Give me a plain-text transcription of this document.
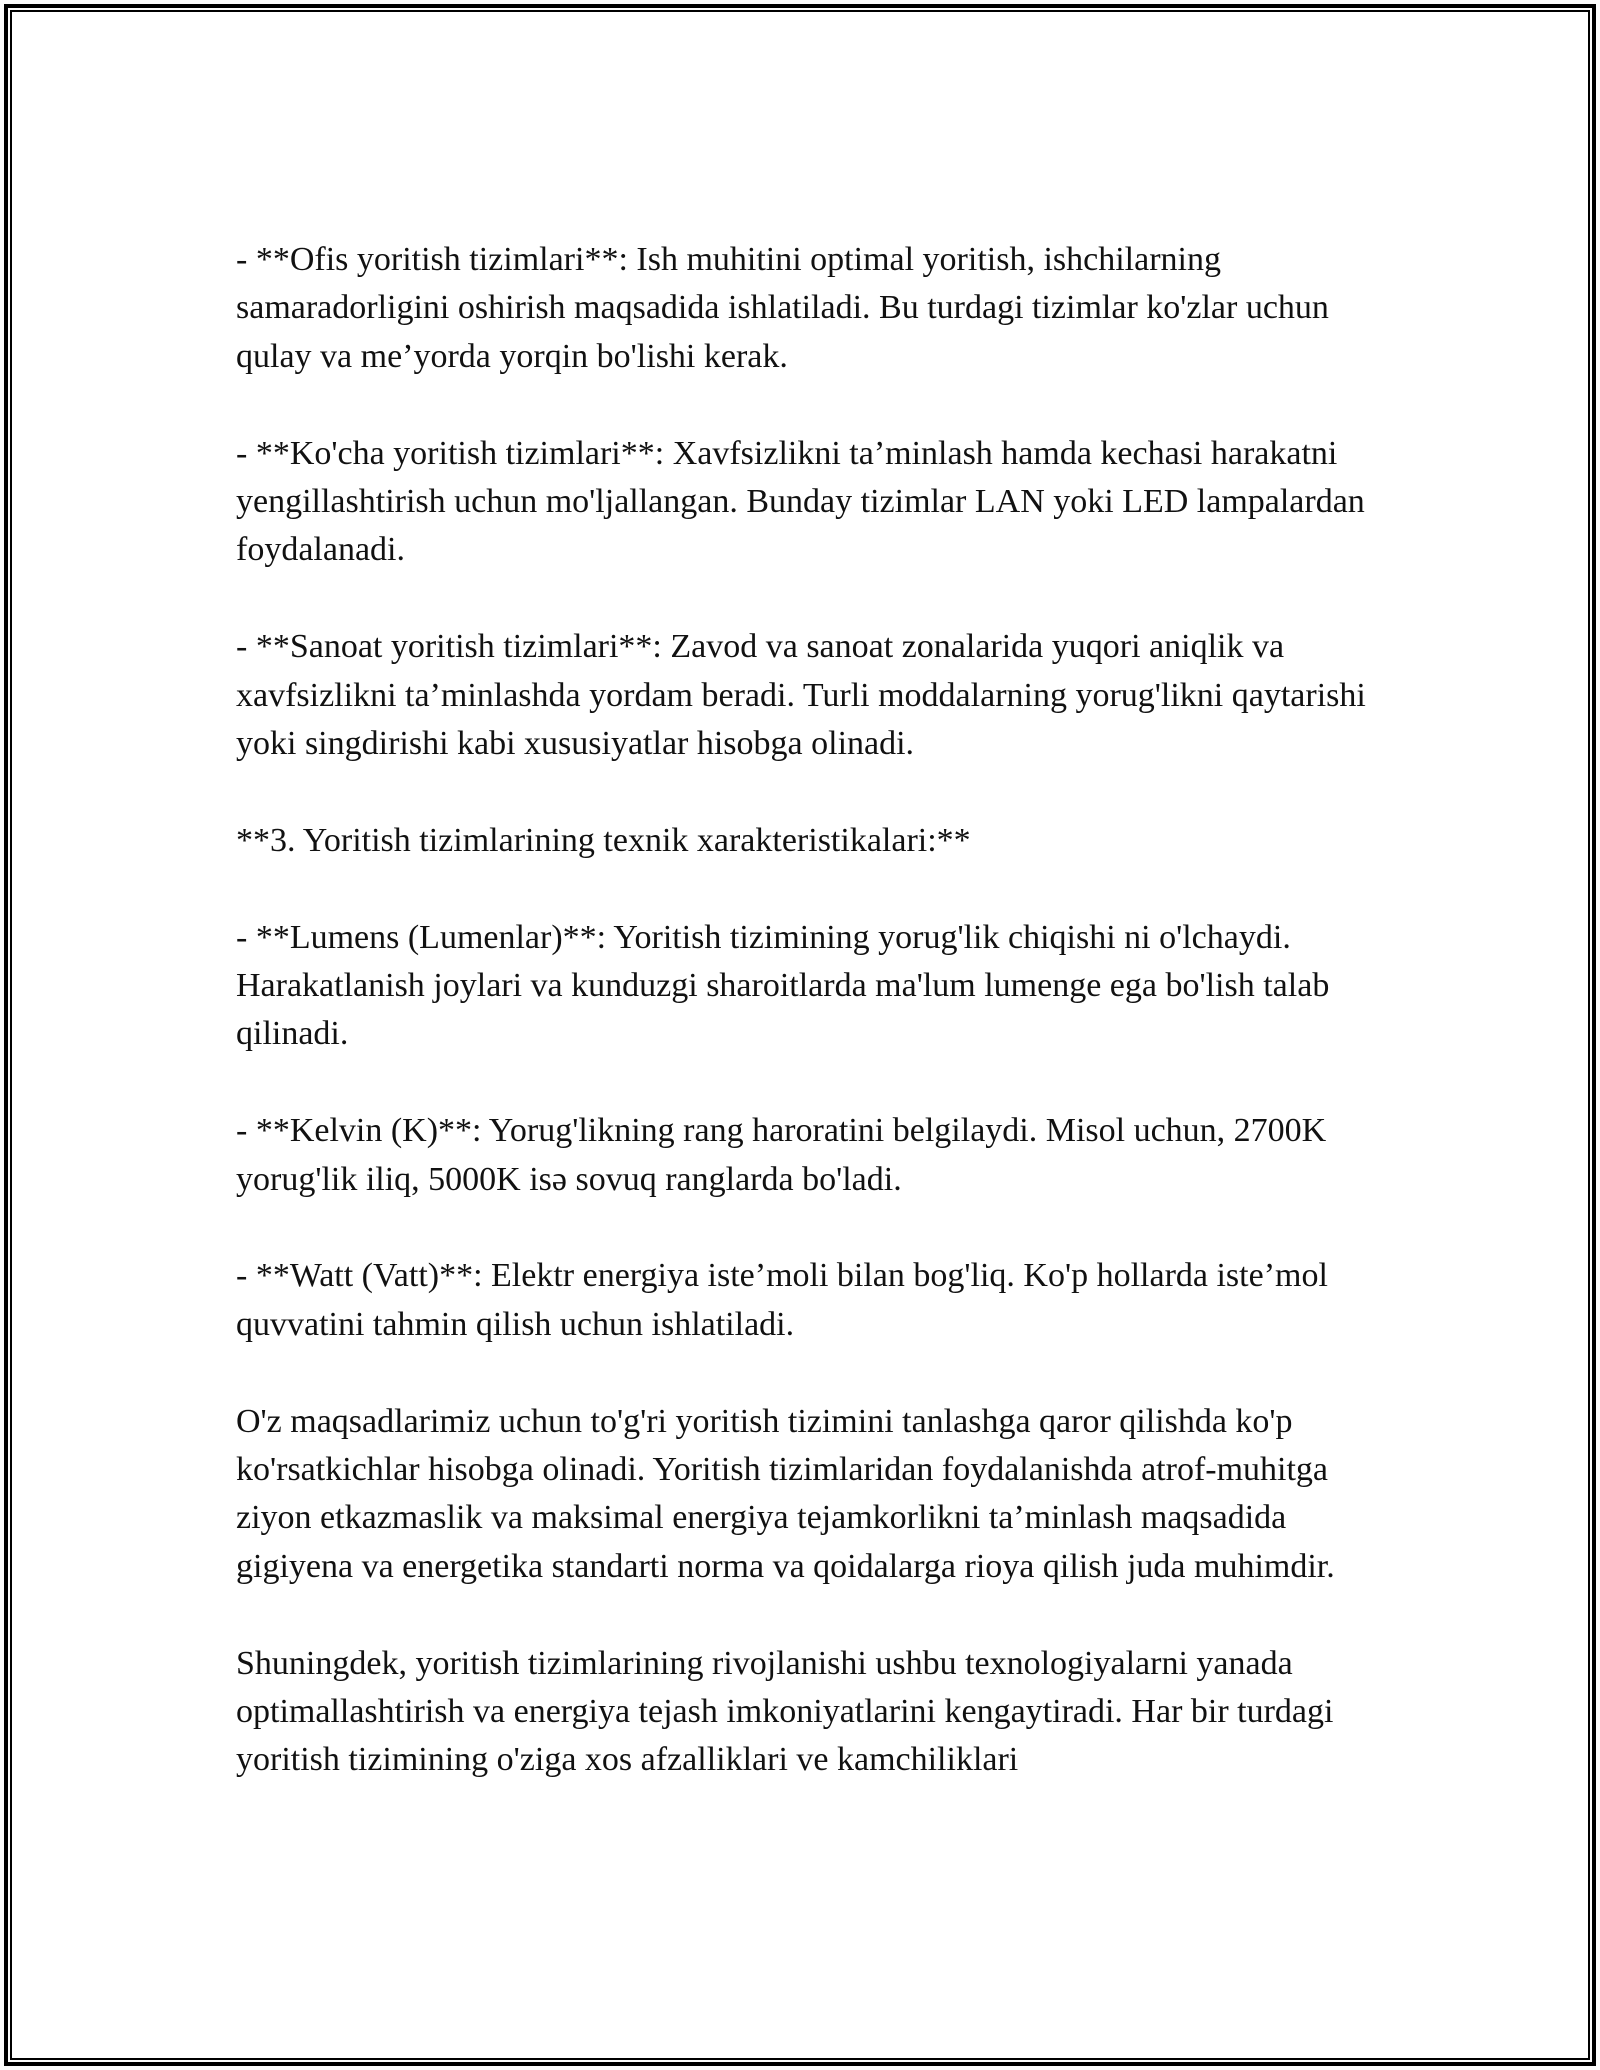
- **Ofis yoritish tizimlari**: Ish muhitini optimal yoritish, ishchilarning samaradorligini oshirish maqsadida ishlatiladi. Bu turdagi tizimlar ko'zlar uchun qulay va me’yorda yorqin bo'lishi kerak.

- **Ko'cha yoritish tizimlari**: Xavfsizlikni ta’minlash hamda kechasi harakatni yengillashtirish uchun mo'ljallangan. Bunday tizimlar LAN yoki LED lampalardan foydalanadi.

- **Sanoat yoritish tizimlari**: Zavod va sanoat zonalarida yuqori aniqlik va xavfsizlikni ta’minlashda yordam beradi. Turli moddalarning yorug'likni qaytarishi yoki singdirishi kabi xususiyatlar hisobga olinadi.

**3. Yoritish tizimlarining texnik xarakteristikalari:**

- **Lumens (Lumenlar)**: Yoritish tizimining yorug'lik chiqishi ni o'lchaydi. Harakatlanish joylari va kunduzgi sharoitlarda ma'lum lumenge ega bo'lish talab qilinadi.

- **Kelvin (K)**: Yorug'likning rang haroratini belgilaydi. Misol uchun, 2700K yorug'lik iliq, 5000K isə sovuq ranglarda bo'ladi.

- **Watt (Vatt)**: Elektr energiya iste’moli bilan bog'liq. Ko'p hollarda iste’mol quvvatini tahmin qilish uchun ishlatiladi.

O'z maqsadlarimiz uchun to'g'ri yoritish tizimini tanlashga qaror qilishda ko'p ko'rsatkichlar hisobga olinadi. Yoritish tizimlaridan foydalanishda atrof-muhitga ziyon etkazmaslik va maksimal energiya tejamkorlikni ta’minlash maqsadida gigiyena va energetika standarti norma va qoidalarga rioya qilish juda muhimdir.

Shuningdek, yoritish tizimlarining rivojlanishi ushbu texnologiyalarni yanada optimallashtirish va energiya tejash imkoniyatlarini kengaytiradi. Har bir turdagi yoritish tizimining o'ziga xos afzalliklari ve kamchiliklari
